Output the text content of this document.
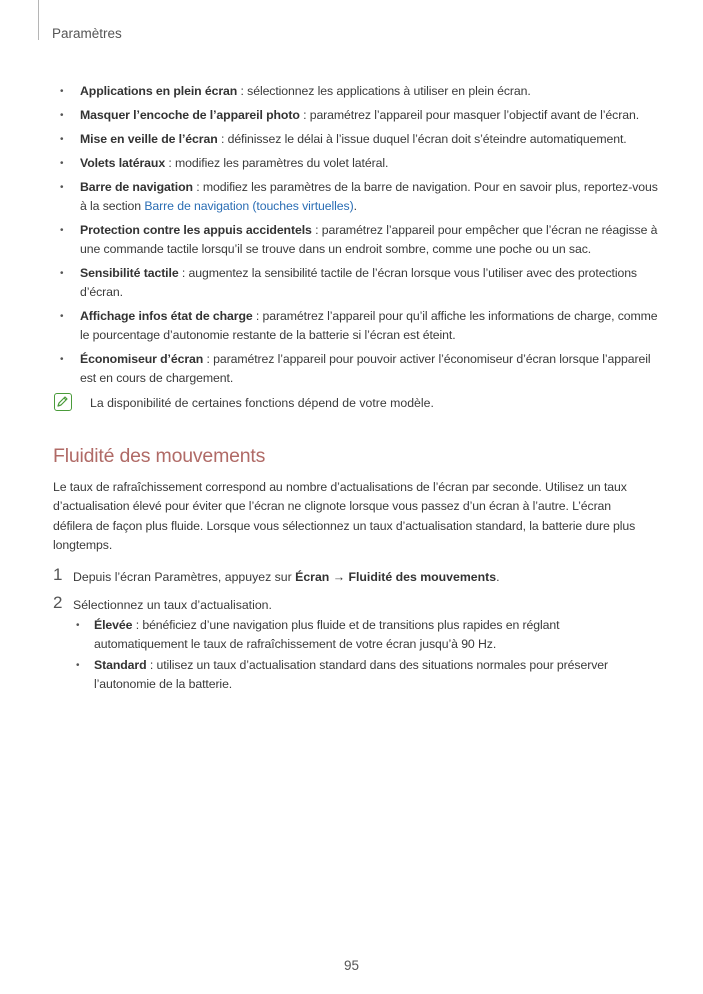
Paramètres
• Applications en plein écran : sélectionnez les applications à utiliser en plein écran.
• Masquer l’encoche de l’appareil photo : paramétrez l’appareil pour masquer l’objectif avant de l’écran.
• Mise en veille de l’écran : définissez le délai à l’issue duquel l’écran doit s’éteindre automatiquement.
• Volets latéraux : modifiez les paramètres du volet latéral.
• Barre de navigation : modifiez les paramètres de la barre de navigation. Pour en savoir plus, reportez-vous à la section Barre de navigation (touches virtuelles).
• Protection contre les appuis accidentels : paramétrez l’appareil pour empêcher que l’écran ne réagisse à une commande tactile lorsqu’il se trouve dans un endroit sombre, comme une poche ou un sac.
• Sensibilité tactile : augmentez la sensibilité tactile de l’écran lorsque vous l’utiliser avec des protections d’écran.
• Affichage infos état de charge : paramétrez l’appareil pour qu’il affiche les informations de charge, comme le pourcentage d’autonomie restante de la batterie si l’écran est éteint.
• Économiseur d’écran : paramétrez l’appareil pour pouvoir activer l’économiseur d’écran lorsque l’appareil est en cours de chargement.
La disponibilité de certaines fonctions dépend de votre modèle.
Fluidité des mouvements

Le taux de rafraîchissement correspond au nombre d’actualisations de l’écran par seconde. Utilisez un taux d’actualisation élevé pour éviter que l’écran ne clignote lorsque vous passez d’un écran à l’autre. L’écran défilera de façon plus fluide. Lorsque vous sélectionnez un taux d’actualisation standard, la batterie dure plus longtemps.

1 Depuis l’écran Paramètres, appuyez sur Écran → Fluidité des mouvements.
2 Sélectionnez un taux d’actualisation.
• Élevée : bénéficiez d’une navigation plus fluide et de transitions plus rapides en réglant automatiquement le taux de rafraîchissement de votre écran jusqu’à 90 Hz.
• Standard : utilisez un taux d’actualisation standard dans des situations normales pour préserver l’autonomie de la batterie.
95
